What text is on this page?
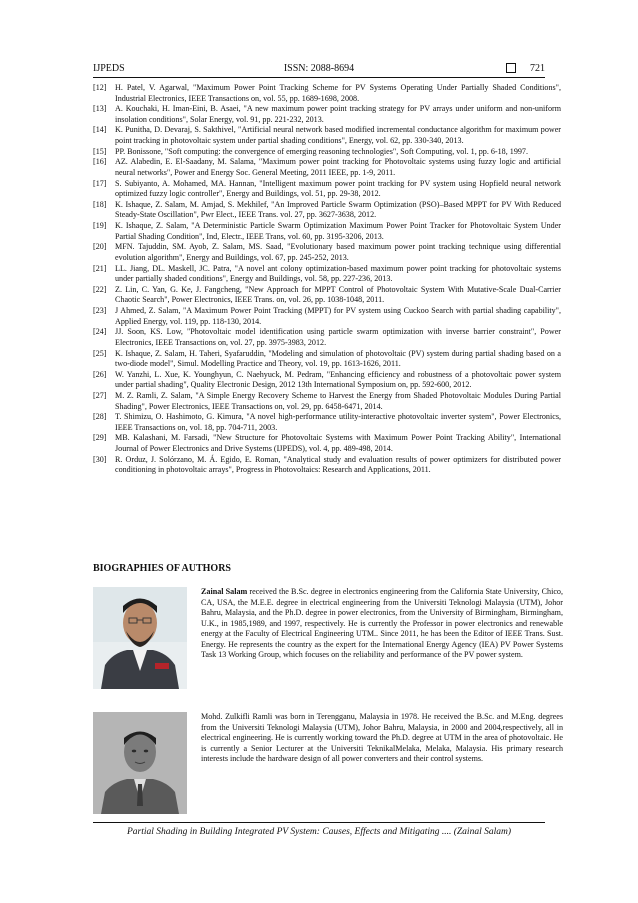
IJPEDS	ISSN: 2088-8694	721
[12]	H. Patel, V. Agarwal, "Maximum Power Point Tracking Scheme for PV Systems Operating Under Partially Shaded Conditions", Industrial Electronics, IEEE Transactions on, vol. 55, pp. 1689-1698, 2008.
[13]	A. Kouchaki, H. Iman-Eini, B. Asaei, "A new maximum power point tracking strategy for PV arrays under uniform and non-uniform insolation conditions", Solar Energy, vol. 91, pp. 221-232, 2013.
[14]	K. Punitha, D. Devaraj, S. Sakthivel, "Artificial neural network based modified incremental conductance algorithm for maximum power point tracking in photovoltaic system under partial shading conditions", Energy, vol. 62, pp. 330-340, 2013.
[15]	PP. Bonissone, "Soft computing: the convergence of emerging reasoning technologies", Soft Computing, vol. 1, pp. 6-18, 1997.
[16]	AZ. Alabedin, E. El-Saadany, M. Salama, "Maximum power point tracking for Photovoltaic systems using fuzzy logic and artificial neural networks", Power and Energy Soc. General Meeting, 2011 IEEE, pp. 1-9, 2011.
[17]	S. Subiyanto, A. Mohamed, MA. Hannan, "Intelligent maximum power point tracking for PV system using Hopfield neural network optimized fuzzy logic controller", Energy and Buildings, vol. 51, pp. 29-38, 2012.
[18]	K. Ishaque, Z. Salam, M. Amjad, S. Mekhilef, "An Improved Particle Swarm Optimization (PSO)–Based MPPT for PV With Reduced Steady-State Oscillation", Pwr Elect., IEEE Trans. vol. 27, pp. 3627-3638, 2012.
[19]	K. Ishaque, Z. Salam, "A Deterministic Particle Swarm Optimization Maximum Power Point Tracker for Photovoltaic System Under Partial Shading Condition", Ind, Electr., IEEE Trans, vol. 60, pp. 3195-3206, 2013.
[20]	MFN. Tajuddin, SM. Ayob, Z. Salam, MS. Saad, "Evolutionary based maximum power point tracking technique using differential evolution algorithm", Energy and Buildings, vol. 67, pp. 245-252, 2013.
[21]	LL. Jiang, DL. Maskell, JC. Patra, "A novel ant colony optimization-based maximum power point tracking for photovoltaic systems under partially shaded conditions", Energy and Buildings, vol. 58, pp. 227-236, 2013.
[22]	Z. Lin, C. Yan, G. Ke, J. Fangcheng, "New Approach for MPPT Control of Photovoltaic System With Mutative-Scale Dual-Carrier Chaotic Search", Power Electronics, IEEE Trans. on, vol. 26, pp. 1038-1048, 2011.
[23]	J Ahmed, Z. Salam, "A Maximum Power Point Tracking (MPPT) for PV system using Cuckoo Search with partial shading capability", Applied Energy, vol. 119, pp. 118-130, 2014.
[24]	JJ. Soon, KS. Low, "Photovoltaic model identification using particle swarm optimization with inverse barrier constraint", Power Electronics, IEEE Transactions on, vol. 27, pp. 3975-3983, 2012.
[25]	K. Ishaque, Z. Salam, H. Taheri, Syafaruddin, "Modeling and simulation of photovoltaic (PV) system during partial shading based on a two-diode model", Simul. Modelling Practice and Theory, vol. 19, pp. 1613-1626, 2011.
[26]	W. Yanzhi, L. Xue, K. Younghyun, C. Naehyuck, M. Pedram, "Enhancing efficiency and robustness of a photovoltaic power system under partial shading", Quality Electronic Design, 2012 13th International Symposium on, pp. 592-600, 2012.
[27]	M. Z. Ramli, Z. Salam, "A Simple Energy Recovery Scheme to Harvest the Energy from Shaded Photovoltaic Modules During Partial Shading", Power Electronics, IEEE Transactions on, vol. 29, pp. 6458-6471, 2014.
[28]	T. Shimizu, O. Hashimoto, G. Kimura, "A novel high-performance utility-interactive photovoltaic inverter system", Power Electronics, IEEE Transactions on, vol. 18, pp. 704-711, 2003.
[29]	MB. Kalashani, M. Farsadi, "New Structure for Photovoltaic Systems with Maximum Power Point Tracking Ability", International Journal of Power Electronics and Drive Systems (IJPEDS), vol. 4, pp. 489-498, 2014.
[30]	R. Orduz, J. Solórzano, M. Á. Egido, E. Roman, "Analytical study and evaluation results of power optimizers for distributed power conditioning in photovoltaic arrays", Progress in Photovoltaics: Research and Applications, 2011.
BIOGRAPHIES OF AUTHORS
Zainal Salam received the B.Sc. degree in electronics engineering from the California State University, Chico, CA, USA, the M.E.E. degree in electrical engineering from the Universiti Teknologi Malaysia (UTM), Johor Bahru, Malaysia, and the Ph.D. degree in power electronics, from the University of Birmingham, Birmingham, U.K., in 1985,1989, and 1997, respectively. He is currently the Professor in power electronics and renewable energy at the Faculty of Electrical Engineering UTM.. Since 2011, he has been the Editor of IEEE Trans. Sust. Energy. He represents the country as the expert for the International Energy Agency (IEA) PV Power Systems Task 13 Working Group, which focuses on the reliability and performance of the PV power system.
Mohd. Zulkifli Ramli was born in Terengganu, Malaysia in 1978. He received the B.Sc. and M.Eng. degrees from the Universiti Teknologi Malaysia (UTM), Johor Bahru, Malaysia, in 2000 and 2004,respectively, all in electrical engineering. He is currently working toward the Ph.D. degree at UTM in the area of photovoltaic. He is currently a Senior Lecturer at the Universiti TeknikalMelaka, Melaka, Malaysia. His primary research interests include the hardware design of all power converters and their control systems.
Partial Shading in Building Integrated PV System: Causes, Effects and Mitigating .... (Zainal Salam)
